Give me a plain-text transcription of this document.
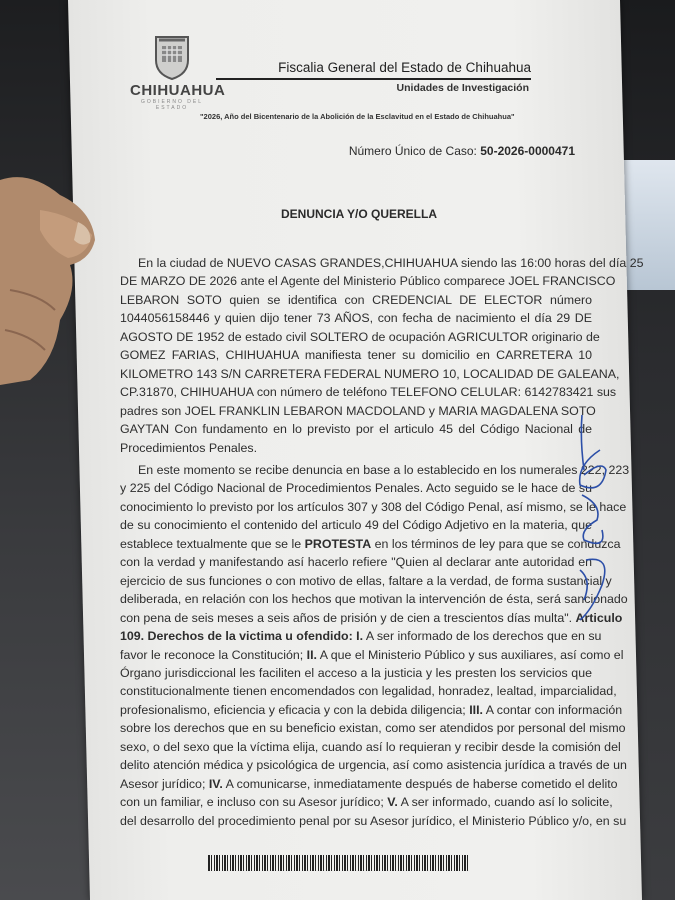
CHIHUAHUA
GOBIERNO DEL ESTADO
Fiscalia General del Estado de Chihuahua
Unidades de Investigación
"2026, Año del Bicentenario de la Abolición de la Esclavitud en el Estado de Chihuahua"
Número Único de Caso: 50-2026-0000471
DENUNCIA Y/O QUERELLA
En la ciudad de NUEVO CASAS GRANDES,CHIHUAHUA siendo las 16:00 horas del día 25
DE MARZO DE 2026 ante el Agente del Ministerio Público comparece JOEL FRANCISCO
LEBARON SOTO quien se identifica con CREDENCIAL DE ELECTOR número
1044056158446 y quien dijo tener 73 AÑOS, con fecha de nacimiento el día 29 DE
AGOSTO DE 1952 de estado civil SOLTERO de ocupación AGRICULTOR originario de
GOMEZ FARIAS, CHIHUAHUA manifiesta tener su domicilio en CARRETERA 10
KILOMETRO 143 S/N CARRETERA FEDERAL NUMERO 10, LOCALIDAD DE GALEANA,
CP.31870, CHIHUAHUA con número de teléfono TELEFONO CELULAR: 6142783421 sus
padres son JOEL FRANKLIN LEBARON MACDOLAND y MARIA MAGDALENA SOTO
GAYTAN Con fundamento en lo previsto por el articulo 45 del Código Nacional de
Procedimientos Penales.
En este momento se recibe denuncia en base a lo establecido en los numerales 222, 223
y 225 del Código Nacional de Procedimientos Penales. Acto seguido se le hace de su
conocimiento lo previsto por los artículos 307 y 308 del Código Penal, así mismo, se le hace
de su conocimiento el contenido del articulo 49 del Código Adjetivo en la materia, que
establece textualmente que se le PROTESTA en los términos de ley para que se conduzca
con la verdad y manifestando así hacerlo refiere "Quien al declarar ante autoridad en
ejercicio de sus funciones o con motivo de ellas, faltare a la verdad, de forma sustancial y
deliberada, en relación con los hechos que motivan la intervención de ésta, será sancionado
con pena de seis meses a seis años de prisión y de cien a trescientos días multa". Articulo
109. Derechos de la victima u ofendido: I. A ser informado de los derechos que en su
favor le reconoce la Constitución; II. A que el Ministerio Público y sus auxiliares, así como el
Órgano jurisdiccional les faciliten el acceso a la justicia y les presten los servicios que
constitucionalmente tienen encomendados con legalidad, honradez, lealtad, imparcialidad,
profesionalismo, eficiencia y eficacia y con la debida diligencia; III. A contar con información
sobre los derechos que en su beneficio existan, como ser atendidos por personal del mismo
sexo, o del sexo que la víctima elija, cuando así lo requieran y recibir desde la comisión del
delito atención médica y psicológica de urgencia, así como asistencia jurídica a través de un
Asesor jurídico; IV. A comunicarse, inmediatamente después de haberse cometido el delito
con un familiar, e incluso con su Asesor jurídico; V. A ser informado, cuando así lo solicite,
del desarrollo del procedimiento penal por su Asesor jurídico, el Ministerio Público y/o, en su
